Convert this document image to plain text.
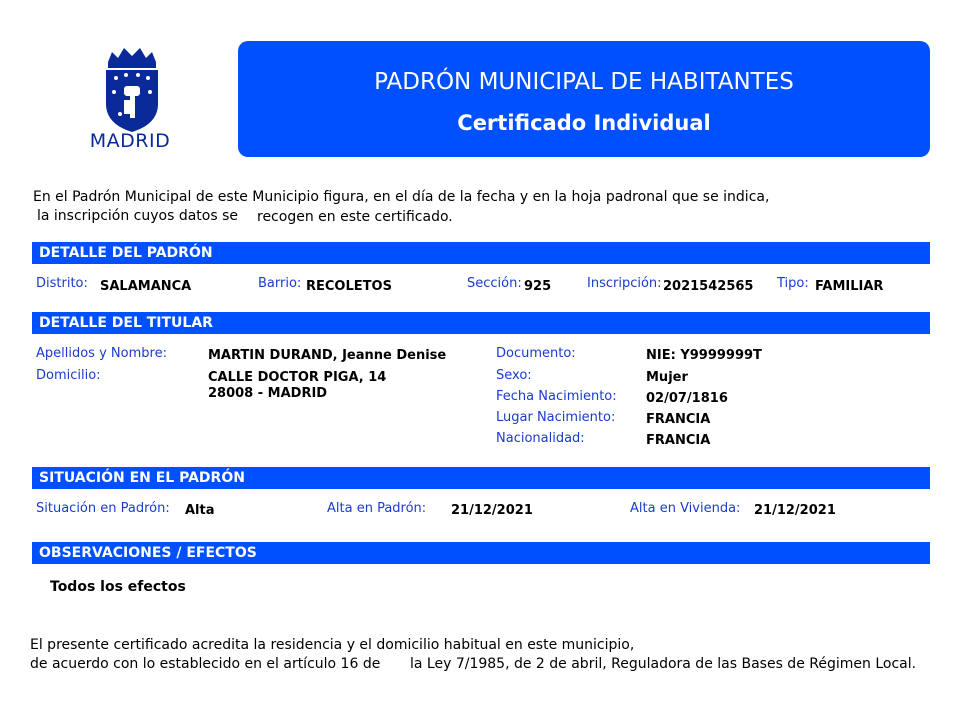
MADRID
PADRÓN MUNICIPAL DE HABITANTES
Certificado Individual
En el Padrón Municipal de este Municipio figura, en el día de la fecha y en la hoja padronal que se indica,
la inscripción cuyos datos se recogen en este certificado.
DETALLE DEL PADRÓN
Distrito: SALAMANCA	Barrio: RECOLETOS	Sección: 925	Inscripción: 2021542565 Tipo: FAMILIAR
DETALLE DEL TITULAR
Apellidos y Nombre:	MARTIN DURAND, Jeanne Denise
Domicilio:	CALLE DOCTOR PIGA, 14
28008 - MADRID
Documento:	NIE: Y9999999T
Sexo:	Mujer
Fecha Nacimiento: 02/07/1816
Lugar Nacimiento: FRANCIA
Nacionalidad:	FRANCIA
SITUACIÓN EN EL PADRÓN
Situación en Padrón: Alta	Alta en Padrón: 21/12/2021	Alta en Vivienda: 21/12/2021
OBSERVACIONES / EFECTOS
Todos los efectos
El presente certificado acredita la residencia y el domicilio habitual en este municipio,
de acuerdo con lo establecido en el artículo 16 de la Ley 7/1985, de 2 de abril, Reguladora de las Bases de Régimen Local.
